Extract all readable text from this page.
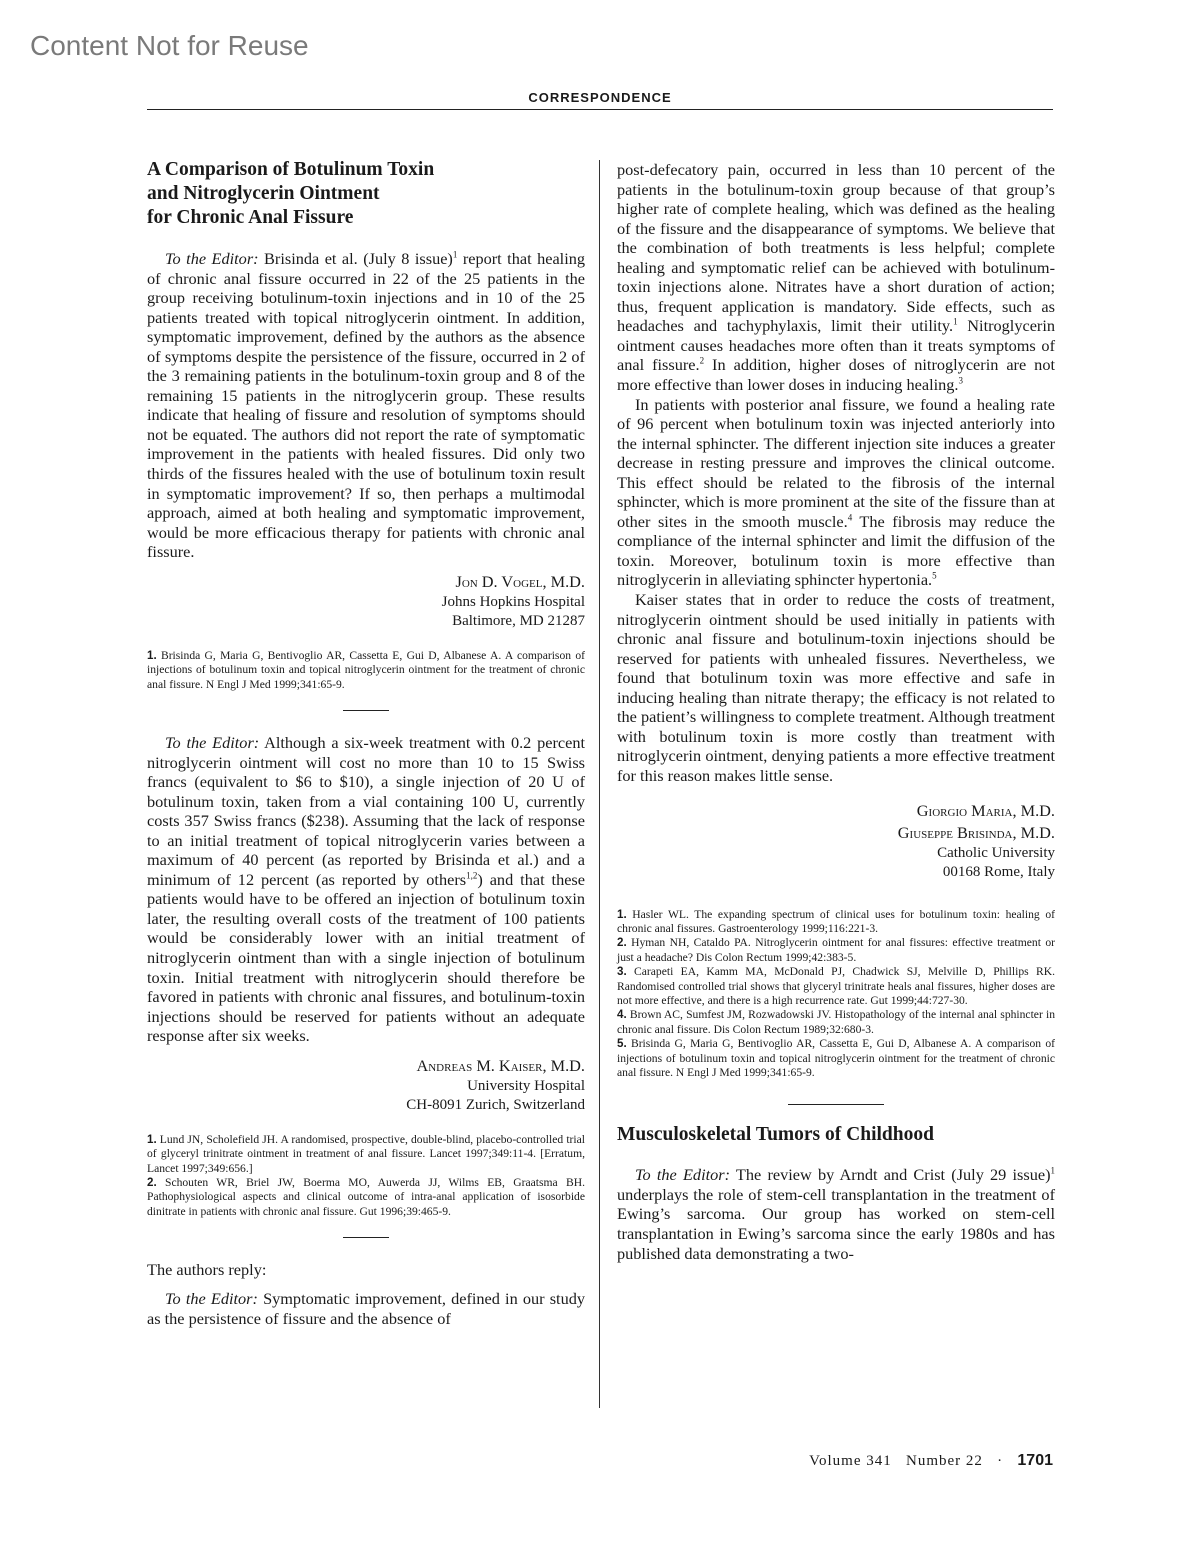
Content Not for Reuse
CORRESPONDENCE
A Comparison of Botulinum Toxin
and Nitroglycerin Ointment
for Chronic Anal Fissure

To the Editor: Brisinda et al. (July 8 issue)$^1$ report that healing of chronic anal fissure occurred in 22 of the 25 patients in the group receiving botulinum-toxin injections and in 10 of the 25 patients treated with topical nitroglycerin ointment. In addition, symptomatic improvement, defined by the authors as the absence of symptoms despite the persistence of the fissure, occurred in 2 of the 3 remaining patients in the botulinum-toxin group and 8 of the remaining 15 patients in the nitroglycerin group. These results indicate that healing of fissure and resolution of symptoms should not be equated. The authors did not report the rate of symptomatic improvement in the patients with healed fissures. Did only two thirds of the fissures healed with the use of botulinum toxin result in symptomatic improvement? If so, then perhaps a multimodal approach, aimed at both healing and symptomatic improvement, would be more efficacious therapy for patients with chronic anal fissure.

Jon D. Vogel, M.D.
Johns Hopkins Hospital
Baltimore, MD 21287
1. Brisinda G, Maria G, Bentivoglio AR, Cassetta E, Gui D, Albanese A. A comparison of injections of botulinum toxin and topical nitroglycerin ointment for the treatment of chronic anal fissure. N Engl J Med 1999;341:65-9.

To the Editor: Although a six-week treatment with 0.2 percent nitroglycerin ointment will cost no more than 10 to 15 Swiss francs (equivalent to $6 to $10), a single injection of 20 U of botulinum toxin, taken from a vial containing 100 U, currently costs 357 Swiss francs ($238). Assuming that the lack of response to an initial treatment of topical nitroglycerin varies between a maximum of 40 percent (as reported by Brisinda et al.) and a minimum of 12 percent (as reported by others$^{1,2}$) and that these patients would have to be offered an injection of botulinum toxin later, the resulting overall costs of the treatment of 100 patients would be considerably lower with an initial treatment of nitroglycerin ointment than with a single injection of botulinum toxin. Initial treatment with nitroglycerin should therefore be favored in patients with chronic anal fissures, and botulinum-toxin injections should be reserved for patients without an adequate response after six weeks.

Andreas M. Kaiser, M.D.
University Hospital
CH-8091 Zurich, Switzerland
1. Lund JN, Scholefield JH. A randomised, prospective, double-blind, placebo-controlled trial of glyceryl trinitrate ointment in treatment of anal fissure. Lancet 1997;349:11-4. [Erratum, Lancet 1997;349:656.]
2. Schouten WR, Briel JW, Boerma MO, Auwerda JJ, Wilms EB, Graatsma BH. Pathophysiological aspects and clinical outcome of intra-anal application of isosorbide dinitrate in patients with chronic anal fissure. Gut 1996;39:465-9.
The authors reply:

To the Editor: Symptomatic improvement, defined in our study as the persistence of fissure and the absence of

post-defecatory pain, occurred in less than 10 percent of the patients in the botulinum-toxin group because of that group’s higher rate of complete healing, which was defined as the healing of the fissure and the disappearance of symptoms. We believe that the combination of both treatments is less helpful; complete healing and symptomatic relief can be achieved with botulinum-toxin injections alone. Nitrates have a short duration of action; thus, frequent application is mandatory. Side effects, such as headaches and tachyphylaxis, limit their utility.$^1$ Nitroglycerin ointment causes headaches more often than it treats symptoms of anal fissure.$^2$ In addition, higher doses of nitroglycerin are not more effective than lower doses in inducing healing.$^3$

In patients with posterior anal fissure, we found a healing rate of 96 percent when botulinum toxin was injected anteriorly into the internal sphincter. The different injection site induces a greater decrease in resting pressure and improves the clinical outcome. This effect should be related to the fibrosis of the internal sphincter, which is more prominent at the site of the fissure than at other sites in the smooth muscle.$^4$ The fibrosis may reduce the compliance of the internal sphincter and limit the diffusion of the toxin. Moreover, botulinum toxin is more effective than nitroglycerin in alleviating sphincter hypertonia.$^5$

Kaiser states that in order to reduce the costs of treatment, nitroglycerin ointment should be used initially in patients with chronic anal fissure and botulinum-toxin injections should be reserved for patients with unhealed fissures. Nevertheless, we found that botulinum toxin was more effective and safe in inducing healing than nitrate therapy; the efficacy is not related to the patient’s willingness to complete treatment. Although treatment with botulinum toxin is more costly than treatment with nitroglycerin ointment, denying patients a more effective treatment for this reason makes little sense.

Giorgio Maria, M.D.
Giuseppe Brisinda, M.D.
Catholic University
00168 Rome, Italy
1. Hasler WL. The expanding spectrum of clinical uses for botulinum toxin: healing of chronic anal fissures. Gastroenterology 1999;116:221-3.
2. Hyman NH, Cataldo PA. Nitroglycerin ointment for anal fissures: effective treatment or just a headache? Dis Colon Rectum 1999;42:383-5.
3. Carapeti EA, Kamm MA, McDonald PJ, Chadwick SJ, Melville D, Phillips RK. Randomised controlled trial shows that glyceryl trinitrate heals anal fissures, higher doses are not more effective, and there is a high recurrence rate. Gut 1999;44:727-30.
4. Brown AC, Sumfest JM, Rozwadowski JV. Histopathology of the internal anal sphincter in chronic anal fissure. Dis Colon Rectum 1989;32:680-3.
5. Brisinda G, Maria G, Bentivoglio AR, Cassetta E, Gui D, Albanese A. A comparison of injections of botulinum toxin and topical nitroglycerin ointment for the treatment of chronic anal fissure. N Engl J Med 1999;341:65-9.
Musculoskeletal Tumors of Childhood

To the Editor: The review by Arndt and Crist (July 29 issue)$^1$ underplays the role of stem-cell transplantation in the treatment of Ewing’s sarcoma. Our group has worked on stem-cell transplantation in Ewing’s sarcoma since the early 1980s and has published data demonstrating a two-

Volume 341 Number 22 · 1701
